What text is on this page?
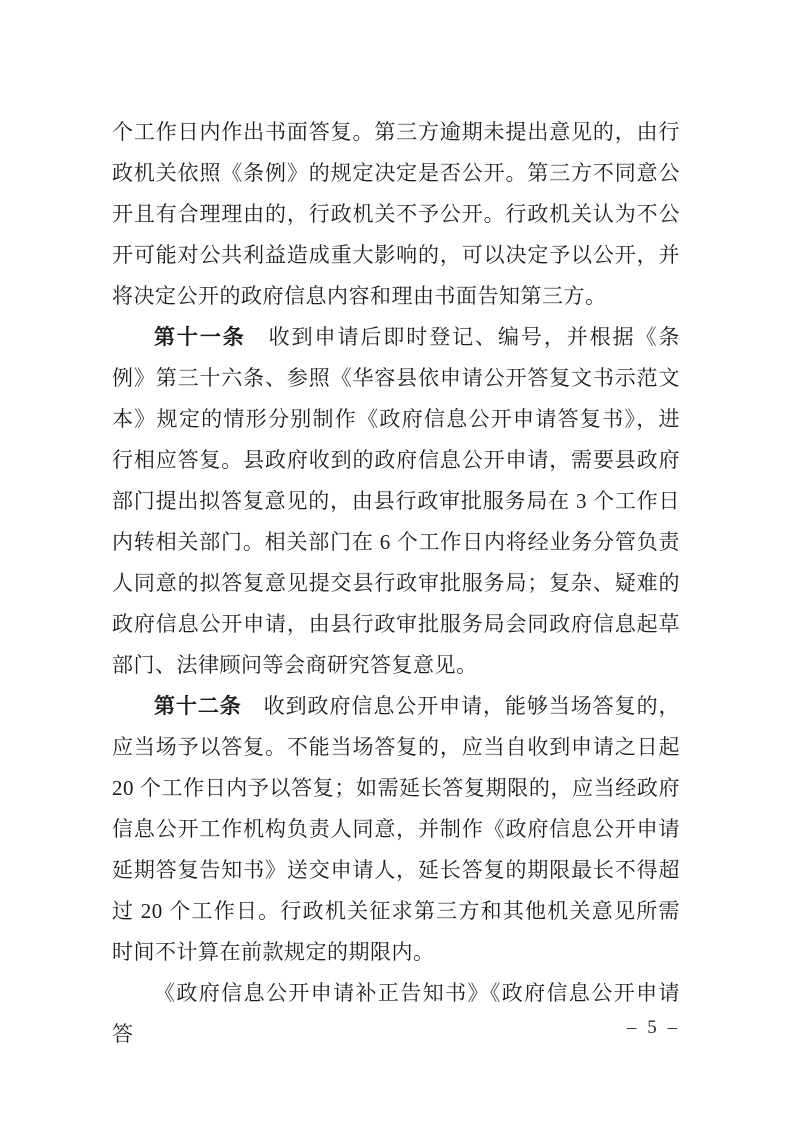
个工作日内作出书面答复。第三方逾期未提出意见的，由行政机关依照《条例》的规定决定是否公开。第三方不同意公开且有合理理由的，行政机关不予公开。行政机关认为不公开可能对公共利益造成重大影响的，可以决定予以公开，并将决定公开的政府信息内容和理由书面告知第三方。

第十一条　收到申请后即时登记、编号，并根据《条例》第三十六条、参照《华容县依申请公开答复文书示范文本》规定的情形分别制作《政府信息公开申请答复书》，进行相应答复。县政府收到的政府信息公开申请，需要县政府部门提出拟答复意见的，由县行政审批服务局在 3 个工作日内转相关部门。相关部门在 6 个工作日内将经业务分管负责人同意的拟答复意见提交县行政审批服务局；复杂、疑难的政府信息公开申请，由县行政审批服务局会同政府信息起草部门、法律顾问等会商研究答复意见。

第十二条　收到政府信息公开申请，能够当场答复的，应当场予以答复。不能当场答复的，应当自收到申请之日起 20 个工作日内予以答复；如需延长答复期限的，应当经政府信息公开工作机构负责人同意，并制作《政府信息公开申请延期答复告知书》送交申请人，延长答复的期限最长不得超过 20 个工作日。行政机关征求第三方和其他机关意见所需时间不计算在前款规定的期限内。

《政府信息公开申请补正告知书》《政府信息公开申请答	– 5 –
